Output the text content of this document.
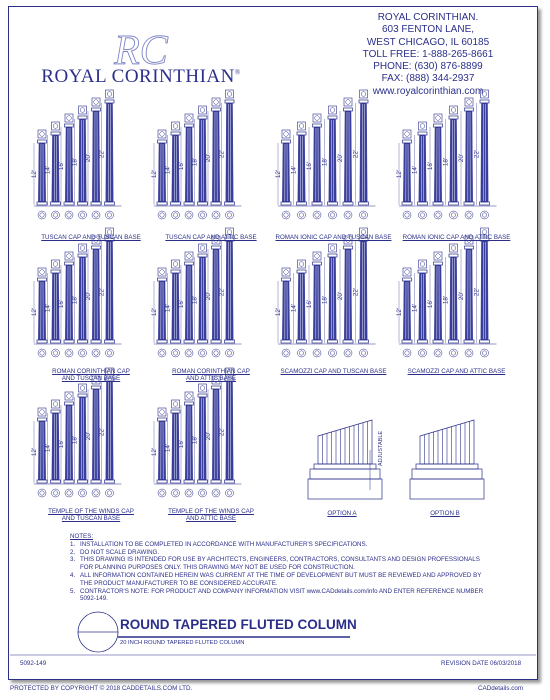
RC
ROYAL CORINTHIAN®
ROYAL CORINTHIAN.
603 FENTON LANE,
WEST CHICAGO, IL 60185
TOLL FREE: 1-888-265-8661
PHONE: (630) 876-8899
FAX: (888) 344-2937
www.royalcorinthian.com
12' 14' 16' 18' 20' 22'
12' 14' 16' 18' 20' 22'
12' 14' 16' 18' 20' 22'
12' 14' 16' 18' 20' 22'
12' 14' 16' 18' 20' 22'
12' 14' 16' 18' 20' 22'
12' 14' 16' 18' 20' 22'
12' 14' 16' 18' 20' 22'
12' 14' 16' 18' 20' 22'
12' 14' 16' 18' 20' 22'
TUSCAN CAP AND TUSCAN BASE	TUSCAN CAP AND ATTIC BASE	ROMAN IONIC CAP AND TUSCAN BASE	ROMAN IONIC CAP AND ATTIC BASE
ROMAN CORINTHIAN CAP
AND TUSCAN BASE
ROMAN CORINTHIAN CAP
AND ATTIC BASE
SCAMOZZI CAP AND TUSCAN BASE	SCAMOZZI CAP AND ATTIC BASE
TEMPLE OF THE WINDS CAP
AND TUSCAN BASE
TEMPLE OF THE WINDS CAP
AND ATTIC BASE
OPTION A	OPTION B
ADJUSTABLE
NOTES:
1. INSTALLATION TO BE COMPLETED IN ACCORDANCE WITH MANUFACTURER'S SPECIFICATIONS.
2. DO NOT SCALE DRAWING.
3. THIS DRAWING IS INTENDED FOR USE BY ARCHITECTS, ENGINEERS, CONTRACTORS, CONSULTANTS AND DESIGN PROFESSIONALS FOR PLANNING PURPOSES ONLY. THIS DRAWING MAY NOT BE USED FOR CONSTRUCTION.
4. ALL INFORMATION CONTAINED HEREIN WAS CURRENT AT THE TIME OF DEVELOPMENT BUT MUST BE REVIEWED AND APPROVED BY THE PRODUCT MANUFACTURER TO BE CONSIDERED ACCURATE.
5. CONTRACTOR'S NOTE: FOR PRODUCT AND COMPANY INFORMATION VISIT www.CADdetails.com/info AND ENTER REFERENCE NUMBER 5092-149.
ROUND TAPERED FLUTED COLUMN
20 INCH ROUND TAPERED FLUTED COLUMN
5092-149	REVISION DATE 06/03/2018
PROTECTED BY COPYRIGHT © 2018 CADDETAILS.COM LTD.	CADdetails.com
